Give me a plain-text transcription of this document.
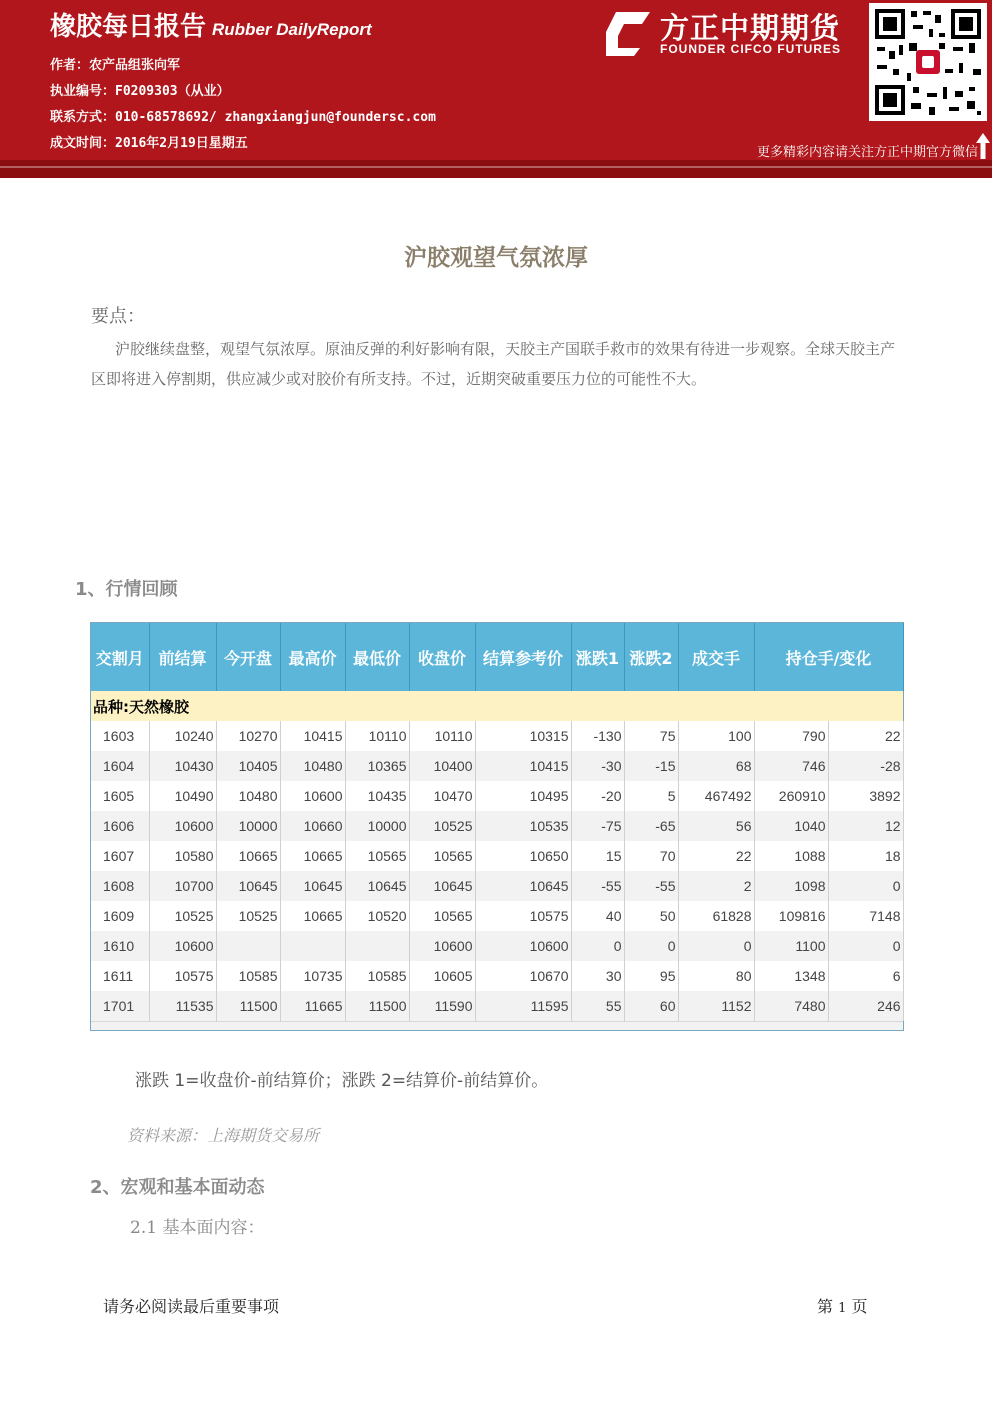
橡胶每日报告 Rubber DailyReport
作者：农产品组张向军
执业编号：F0209303（从业）
联系方式：010-68578692/ zhangxiangjun@foundersc.com
成文时间：2016年2月19日星期五
方正中期期货
FOUNDER CIFCO FUTURES
更多精彩内容请关注方正中期官方微信
沪胶观望气氛浓厚
要点：
沪胶继续盘整，观望气氛浓厚。原油反弹的利好影响有限，天胶主产国联手救市的效果有待进一步观察。全球天胶主产区即将进入停割期，供应减少或对胶价有所支持。不过，近期突破重要压力位的可能性不大。
1、行情回顾
交割月	前结算	今开盘	最高价	最低价	收盘价	结算参考价	涨跌1	涨跌2	成交手	持仓手/变化	
品种:天然橡胶											
1603	10240	10270	10415	10110	10110	10315	-130	75	100	790	22
1604	10430	10405	10480	10365	10400	10415	-30	-15	68	746	-28
1605	10490	10480	10600	10435	10470	10495	-20	5	467492	260910	3892
1606	10600	10000	10660	10000	10525	10535	-75	-65	56	1040	12
1607	10580	10665	10665	10565	10565	10650	15	70	22	1088	18
1608	10700	10645	10645	10645	10645	10645	-55	-55	2	1098	0
1609	10525	10525	10665	10520	10565	10575	40	50	61828	109816	7148
1610	10600				10600	10600	0	0	0	1100	0
1611	10575	10585	10735	10585	10605	10670	30	95	80	1348	6
1701	11535	11500	11665	11500	11590	11595	55	60	1152	7480	246
涨跌 1=收盘价-前结算价；涨跌 2=结算价-前结算价。
资料来源：上海期货交易所
2、宏观和基本面动态
2.1 基本面内容：
请务必阅读最后重要事项	第 1 页
